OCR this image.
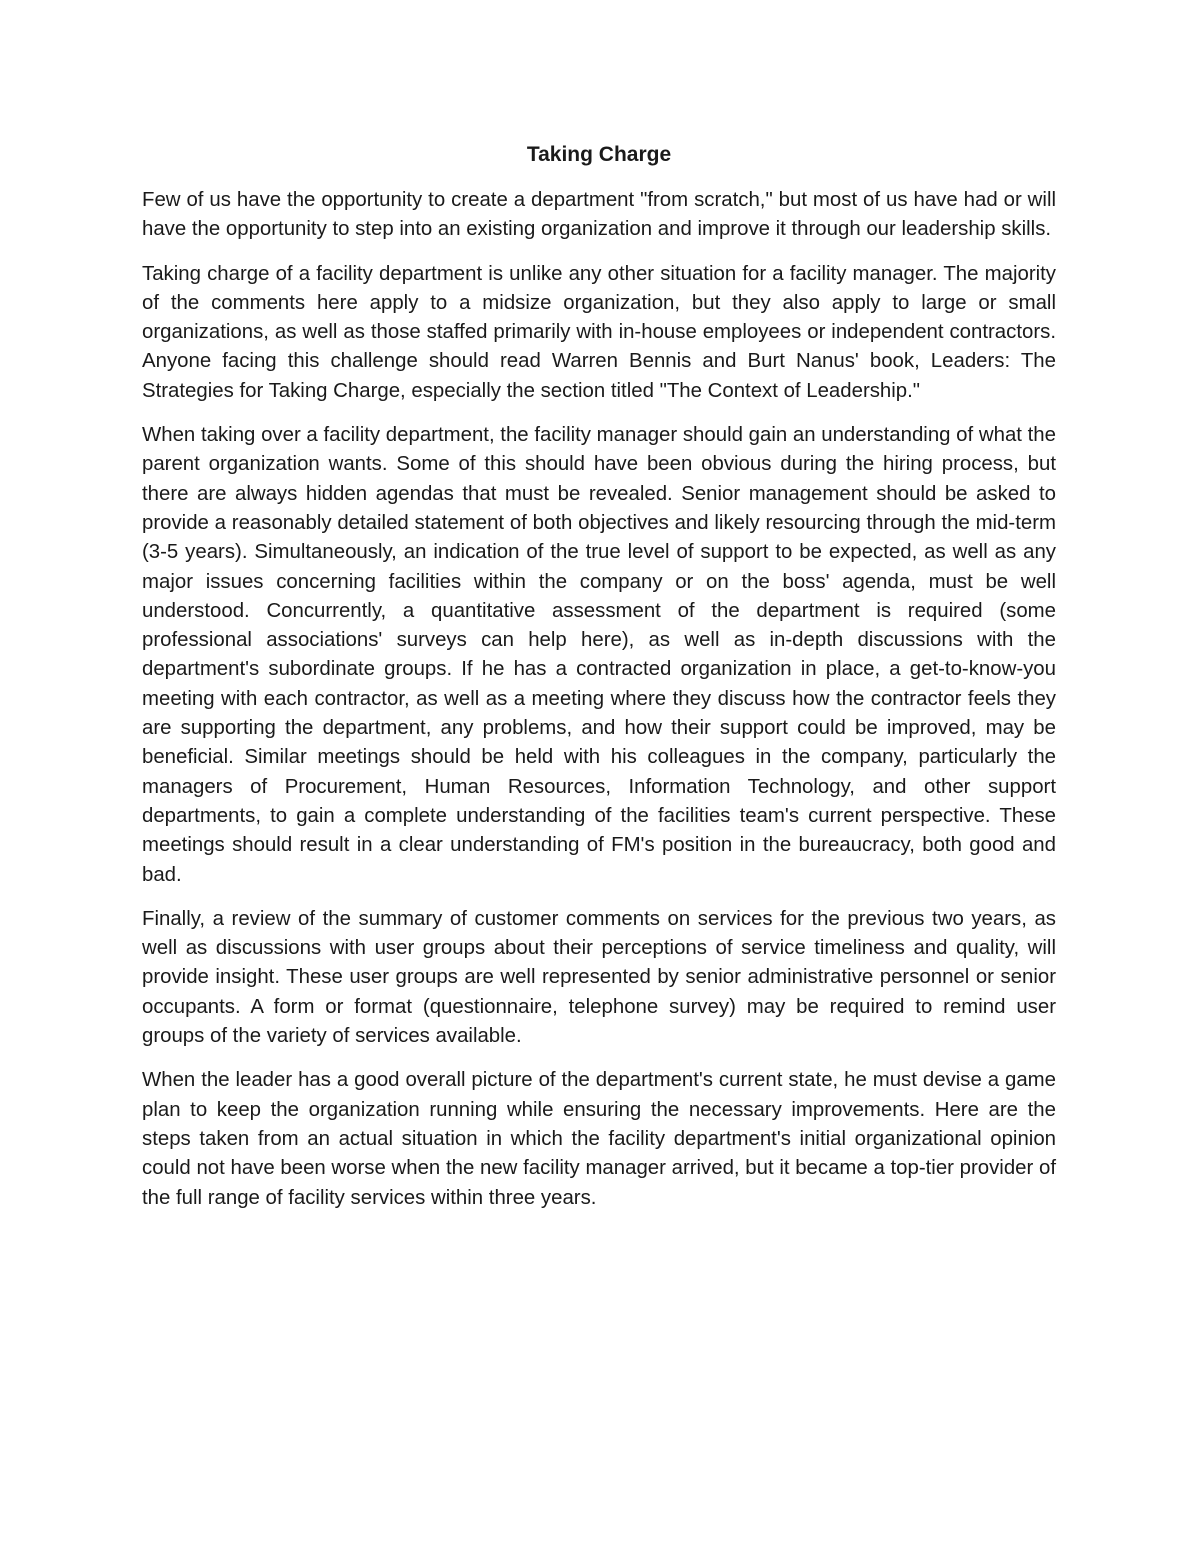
Taking Charge

Few of us have the opportunity to create a department "from scratch," but most of us have had or will have the opportunity to step into an existing organization and improve it through our leadership skills.

Taking charge of a facility department is unlike any other situation for a facility manager. The majority of the comments here apply to a midsize organization, but they also apply to large or small organizations, as well as those staffed primarily with in-house employees or independent contractors. Anyone facing this challenge should read Warren Bennis and Burt Nanus' book, Leaders: The Strategies for Taking Charge, especially the section titled "The Context of Leadership."

When taking over a facility department, the facility manager should gain an understanding of what the parent organization wants. Some of this should have been obvious during the hiring process, but there are always hidden agendas that must be revealed. Senior management should be asked to provide a reasonably detailed statement of both objectives and likely resourcing through the mid-term (3-5 years). Simultaneously, an indication of the true level of support to be expected, as well as any major issues concerning facilities within the company or on the boss' agenda, must be well understood. Concurrently, a quantitative assessment of the department is required (some professional associations' surveys can help here), as well as in-depth discussions with the department's subordinate groups. If he has a contracted organization in place, a get-to-know-you meeting with each contractor, as well as a meeting where they discuss how the contractor feels they are supporting the department, any problems, and how their support could be improved, may be beneficial. Similar meetings should be held with his colleagues in the company, particularly the managers of Procurement, Human Resources, Information Technology, and other support departments, to gain a complete understanding of the facilities team's current perspective. These meetings should result in a clear understanding of FM's position in the bureaucracy, both good and bad.

Finally, a review of the summary of customer comments on services for the previous two years, as well as discussions with user groups about their perceptions of service timeliness and quality, will provide insight. These user groups are well represented by senior administrative personnel or senior occupants. A form or format (questionnaire, telephone survey) may be required to remind user groups of the variety of services available.

When the leader has a good overall picture of the department's current state, he must devise a game plan to keep the organization running while ensuring the necessary improvements. Here are the steps taken from an actual situation in which the facility department's initial organizational opinion could not have been worse when the new facility manager arrived, but it became a top-tier provider of the full range of facility services within three years.
